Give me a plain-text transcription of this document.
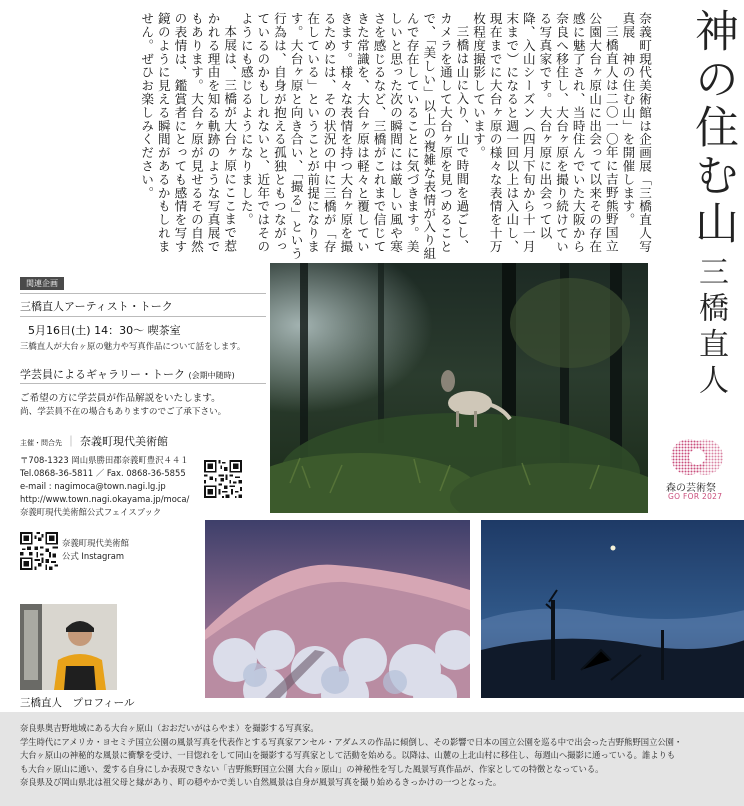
神の住む山
三橋直人
奈義町現代美術館は企画展「三橋直人写真展　神の住む山」を開催します。
三橋直人は二〇一〇年に吉野熊野国立公園大台ヶ原山に出会って以来その存在感に魅了され、当時住んでいた大阪から奈良へ移住し、大台ヶ原を撮り続けている写真家です。大台ヶ原に出会って以降、入山シーズン（四月下旬から十一月末まで）になると週一回以上は入山し、現在までに大台ヶ原の様々な表情を十万枚程度撮影しています。
三橋は山に入り、山で時間を過ごし、カメラを通して大台ヶ原を見つめることで、「美しい」以上の複雑な表情が入り組んで存在していることに気づきます。美しいと思った次の瞬間には厳しい風や寒さを感じるなど、三橋がこれまで信じてきた常識を、大台ヶ原は軽々と覆していきます。様々な表情を持つ大台ヶ原を撮るためには、その状況の中に三橋が「存在している」ということが前提になります。大台ヶ原と向き合い、「撮る」という行為は、自身が抱える孤独ともつながっているのかもしれないと、近年ではそのようにも感じるようになりました。
本展は、三橋が大台ヶ原にここまで惹かれる理由を知る軌跡のような写真展でもあります。大台ヶ原が見せるその自然の表情は、鑑賞者にとっても感情を写す鏡のように見える瞬間があるかもしれません。ぜひお楽しみください。
関連企画
三橋直人アーティスト・トーク
5月16日(土) 14：30～ 喫茶室
三橋直人が大台ヶ原の魅力や写真作品について話をします。
学芸員によるギャラリー・トーク (会期中随時)
ご希望の方に学芸員が作品解説をいたします。
尚、学芸員不在の場合もありますのでご了承下さい。
主催・問合先 ｜ 奈義町現代美術館
〒708-1323 岡山県勝田郡奈義町豊沢４４１
Tel.0868-36-5811 ／ Fax. 0868-36-5855
e-mail : nagimoca@town.nagi.lg.jp
http://www.town.nagi.okayama.jp/moca/
奈義町現代美術館公式フェイスブック
奈義町現代美術館
公式 Instagram
森の芸術祭
GO FOR 2027
三橋直人　プロフィール

奈良県奥吉野地域にある大台ヶ原山（おおだいがはらやま）を撮影する写真家。

学生時代にアメリカ・ヨセミテ国立公園の風景写真を代表作とする写真家アンセル・アダムスの作品に傾倒し、その影響で日本の国立公園を巡る中で出会った吉野熊野国立公園・

大台ヶ原山の神秘的な風景に衝撃を受け、一目惚れをして同山を撮影する写真家として活動を始める。以降は、山麓の上北山村に移住し、毎週山へ撮影に通っている。誰よりも

も大台ヶ原山に通い、愛する自身にしか表現できない「吉野熊野国立公園 大台ヶ原山」の神秘性を写した風景写真作品が、作家としての特徴となっている。

奈良県及び岡山県北は祖父母と縁があり、町の穏やかで美しい自然風景は自身が風景写真を撮り始めるきっかけの一つとなった。
